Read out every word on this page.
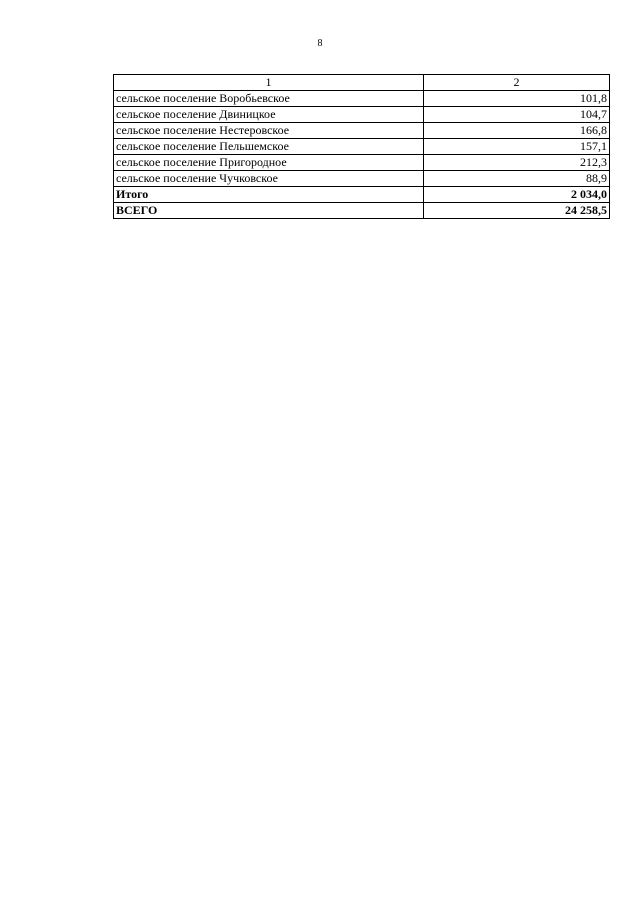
8
1	2
сельское поселение Воробьевское	101,8
сельское поселение Двиницкое	104,7
сельское поселение Нестеровское	166,8
сельское поселение Пельшемское	157,1
сельское поселение Пригородное	212,3
сельское поселение Чучковское	88,9
Итого	2 034,0
ВСЕГО	24 258,5
